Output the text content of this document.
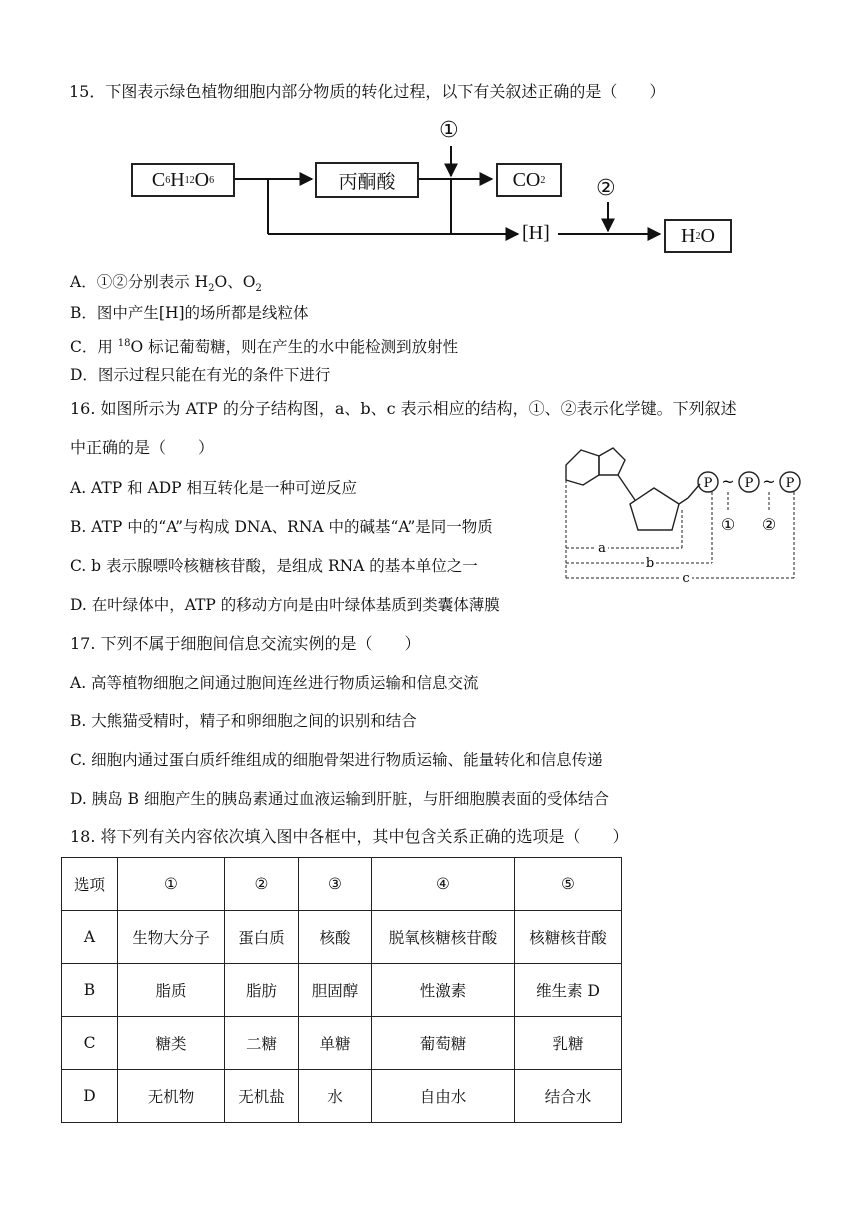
15．下图表示绿色植物细胞内部分物质的转化过程，以下有关叙述正确的是（　　）
C 6 H 12 O 6	丙酮酸	CO 2
[H]	H 2 O
①
②
A．①②分别表示 $H_2O$、$O_2$
B．图中产生[H]的场所都是线粒体
C．用 $^{18}$O 标记葡萄糖，则在产生的水中能检测到放射性
D．图示过程只能在有光的条件下进行
16. 如图所示为 ATP 的分子结构图，a、b、c 表示相应的结构，①、②表示化学键。下列叙述
中正确的是（　　）
A. ATP 和 ADP 相互转化是一种可逆反应
B. ATP 中的“A”与构成 DNA、RNA 中的碱基“A”是同一物质
C. b 表示腺嘌呤核糖核苷酸，是组成 RNA 的基本单位之一
D. 在叶绿体中，ATP 的移动方向是由叶绿体基质到类囊体薄膜
P P P
~ ~
① ②
a
b
c
17. 下列不属于细胞间信息交流实例的是（　　）
A. 高等植物细胞之间通过胞间连丝进行物质运输和信息交流
B. 大熊猫受精时，精子和卵细胞之间的识别和结合
C. 细胞内通过蛋白质纤维组成的细胞骨架进行物质运输、能量转化和信息传递
D. 胰岛 B 细胞产生的胰岛素通过血液运输到肝脏，与肝细胞膜表面的受体结合
18. 将下列有关内容依次填入图中各框中，其中包含关系正确的选项是（　　）
选项	①	②	③	④	⑤
A	生物大分子	蛋白质	核酸	脱氧核糖核苷酸	核糖核苷酸
B	脂质	脂肪	胆固醇	性激素	维生素 D
C	糖类	二糖	单糖	葡萄糖	乳糖
D	无机物	无机盐	水	自由水	结合水
